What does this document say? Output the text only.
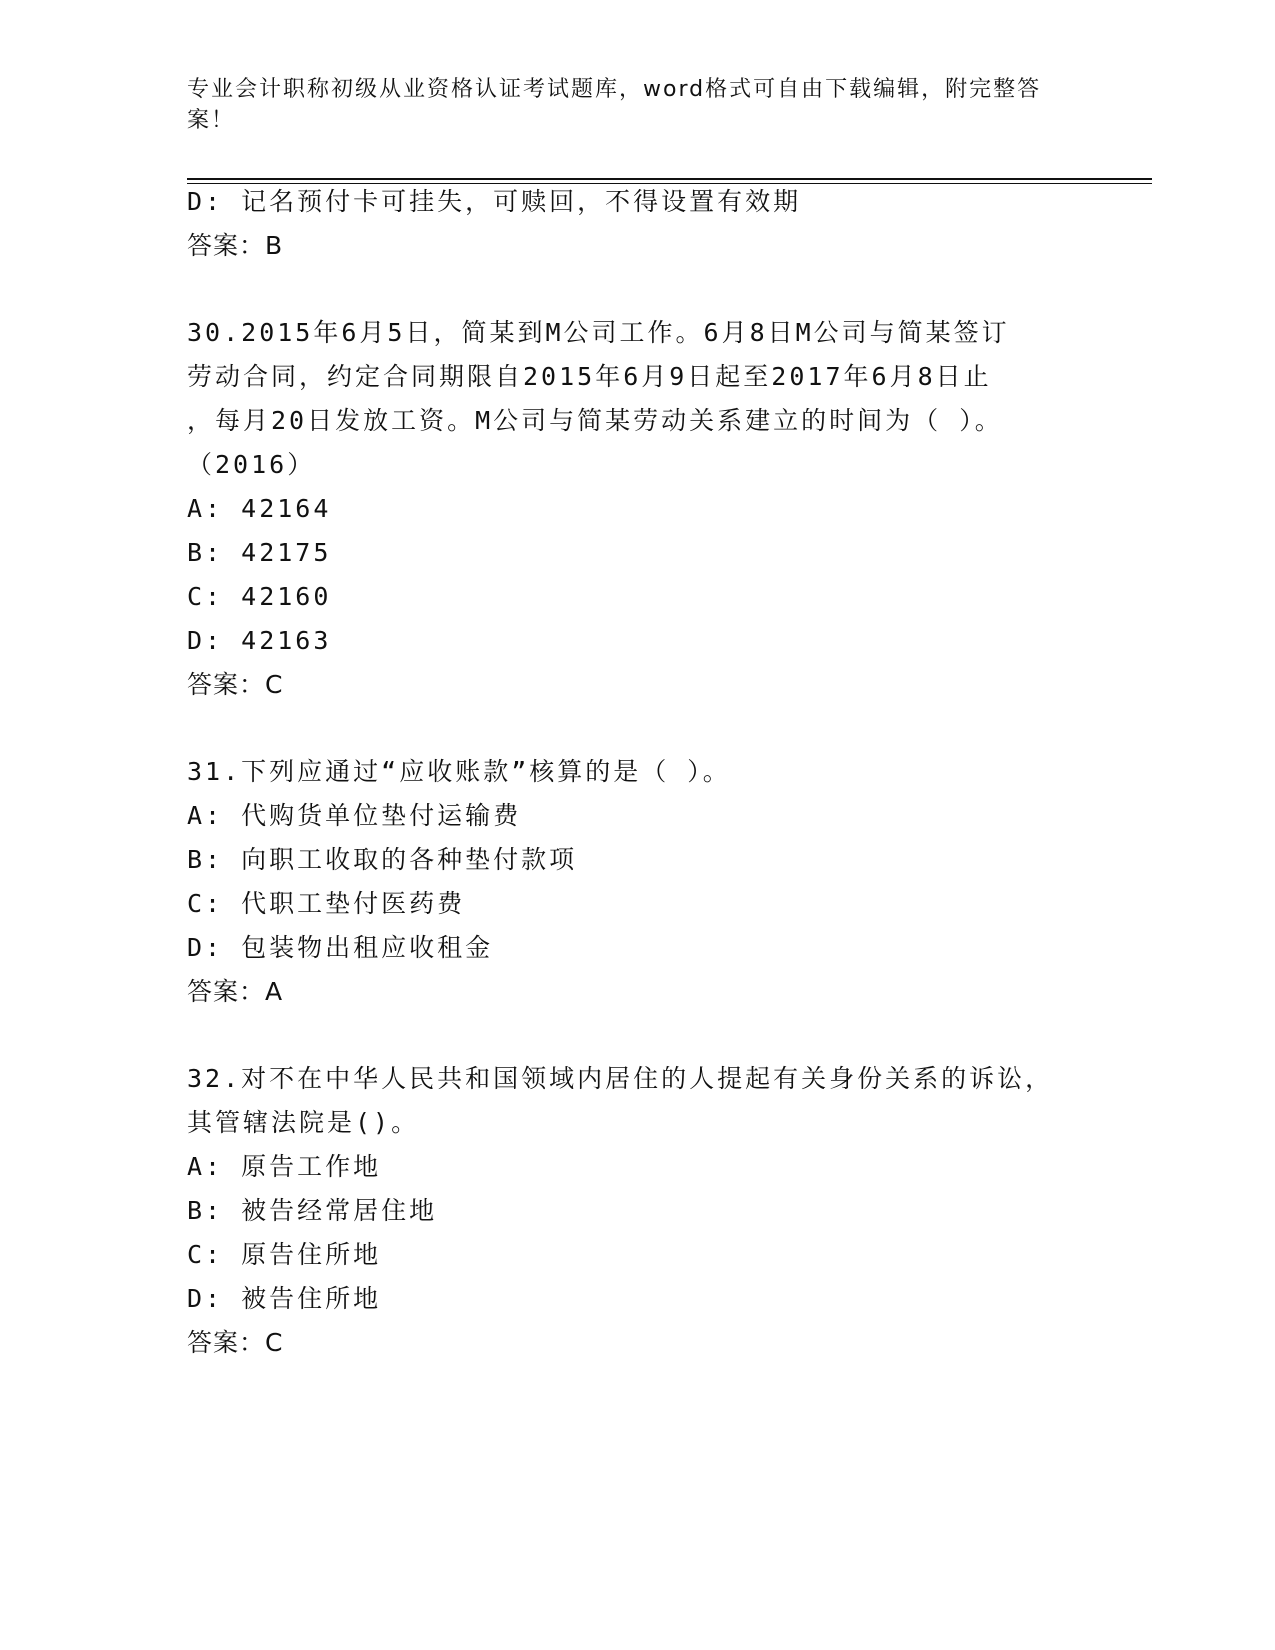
专业会计职称初级从业资格认证考试题库，word格式可自由下载编辑，附完整答案！
D: 记名预付卡可挂失，可赎回，不得设置有效期
答案：B
30.2015年6月5日，简某到M公司工作。6月8日M公司与简某签订
劳动合同，约定合同期限自2015年6月9日起至2017年6月8日止
，每月20日发放工资。M公司与简某劳动关系建立的时间为（ ）。
（2016）
A: 42164
B: 42175
C: 42160
D: 42163
答案：C
31.下列应通过“应收账款”核算的是（ ）。
A: 代购货单位垫付运输费
B: 向职工收取的各种垫付款项
C: 代职工垫付医药费
D: 包装物出租应收租金
答案：A
32.对不在中华人民共和国领域内居住的人提起有关身份关系的诉讼，
其管辖法院是()。
A: 原告工作地
B: 被告经常居住地
C: 原告住所地
D: 被告住所地
答案：C
